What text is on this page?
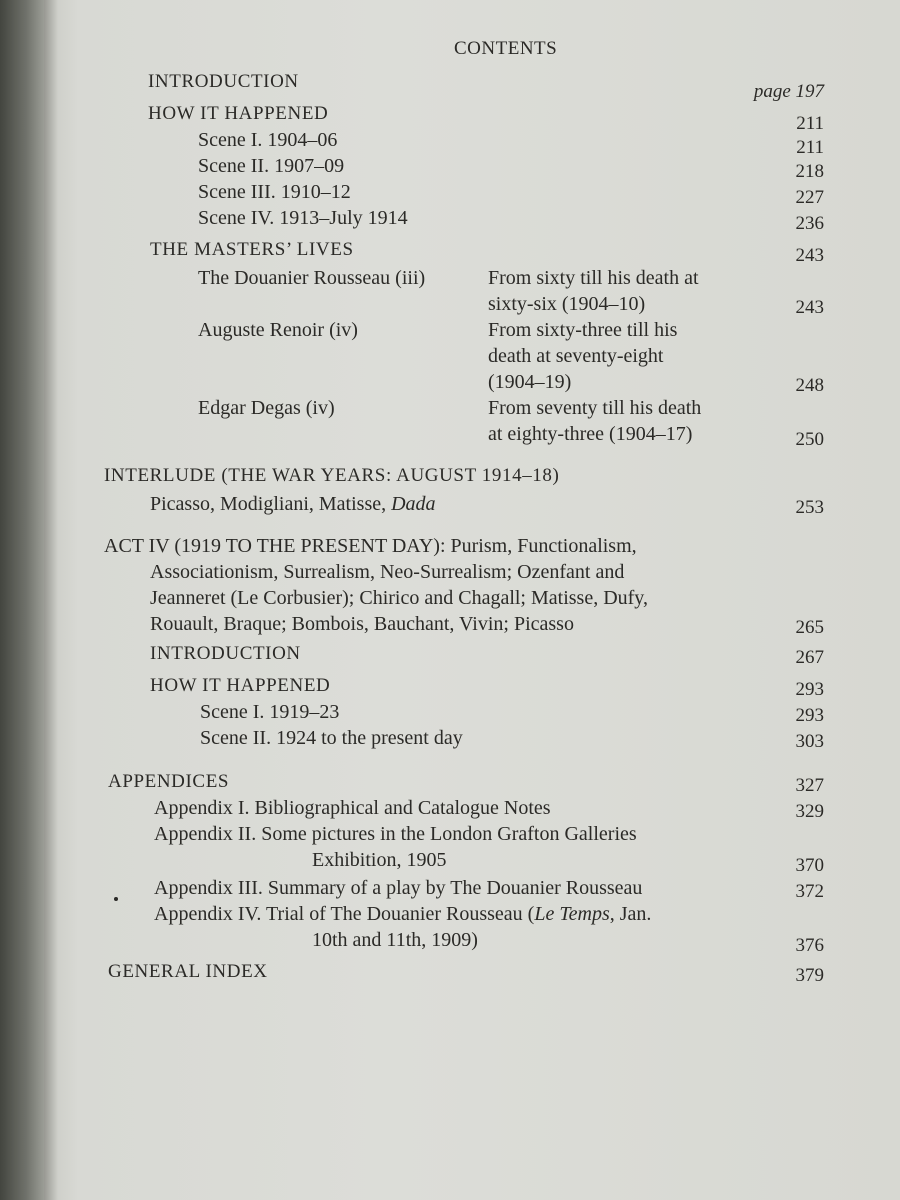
CONTENTS
INTRODUCTION	page 197
HOW IT HAPPENED	211
Scene I. 1904–06	211
Scene II. 1907–09	218
Scene III. 1910–12	227
Scene IV. 1913–July 1914	236
THE MASTERS’ LIVES	243
The Douanier Rousseau (iii)	From sixty till his death at
sixty-six (1904–10)	243
Auguste Renoir (iv)	From sixty-three till his
death at seventy-eight
(1904–19)	248
Edgar Degas (iv)	From seventy till his death
at eighty-three (1904–17)	250
INTERLUDE (THE WAR YEARS: AUGUST 1914–18)
Picasso, Modigliani, Matisse, Dada	253
ACT IV (1919 TO THE PRESENT DAY): Purism, Functionalism,
Associationism, Surrealism, Neo-Surrealism; Ozenfant and
Jeanneret (Le Corbusier); Chirico and Chagall; Matisse, Dufy,
Rouault, Braque; Bombois, Bauchant, Vivin; Picasso	265
INTRODUCTION	267
HOW IT HAPPENED	293
Scene I. 1919–23	293
Scene II. 1924 to the present day	303
APPENDICES	327
Appendix I. Bibliographical and Catalogue Notes	329
Appendix II. Some pictures in the London Grafton Galleries
Exhibition, 1905	370
Appendix III. Summary of a play by The Douanier Rousseau	372
Appendix IV. Trial of The Douanier Rousseau (Le Temps, Jan.
10th and 11th, 1909)	376
GENERAL INDEX	379
